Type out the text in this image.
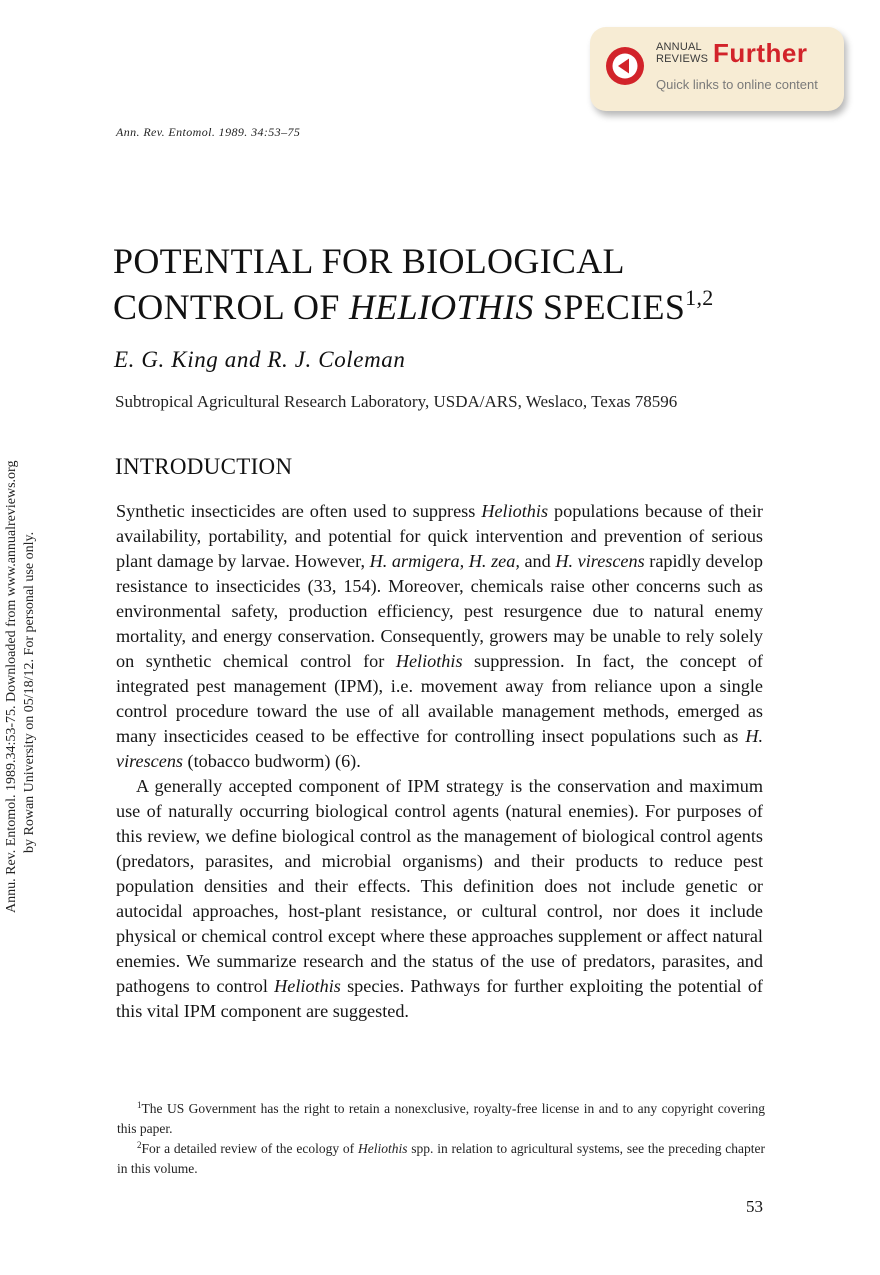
ANNUAL
REVIEWS Further
Quick links to online content
Annu. Rev. Entomol. 1989.34:53-75. Downloaded from www.annualreviews.org by Rowan University on 05/18/12. For personal use only.
Ann. Rev. Entomol. 1989. 34:53–75
POTENTIAL FOR BIOLOGICAL
CONTROL OF HELIOTHIS SPECIES$^{1,2}$
E. G. King and R. J. Coleman
Subtropical Agricultural Research Laboratory, USDA/ARS, Weslaco, Texas 78596
INTRODUCTION

Synthetic insecticides are often used to suppress Heliothis populations because of their availability, portability, and potential for quick intervention and prevention of serious plant damage by larvae. However, H. armigera, H. zea, and H. virescens rapidly develop resistance to insecticides (33, 154). Moreover, chemicals raise other concerns such as environmental safety, production efficiency, pest resurgence due to natural enemy mortality, and energy conservation. Consequently, growers may be unable to rely solely on synthetic chemical control for Heliothis suppression. In fact, the concept of integrated pest management (IPM), i.e. movement away from reliance upon a single control procedure toward the use of all available management methods, emerged as many insecticides ceased to be effective for controlling insect populations such as H. virescens (tobacco budworm) (6).

A generally accepted component of IPM strategy is the conservation and maximum use of naturally occurring biological control agents (natural enemies). For purposes of this review, we define biological control as the management of biological control agents (predators, parasites, and microbial organisms) and their products to reduce pest population densities and their effects. This definition does not include genetic or autocidal approaches, host-plant resistance, or cultural control, nor does it include physical or chemical control except where these approaches supplement or affect natural enemies. We summarize research and the status of the use of predators, parasites, and pathogens to control Heliothis species. Pathways for further exploiting the potential of this vital IPM component are suggested.

$^1$The US Government has the right to retain a nonexclusive, royalty-free license in and to any copyright covering this paper.

$^2$For a detailed review of the ecology of Heliothis spp. in relation to agricultural systems, see the preceding chapter in this volume.

53
